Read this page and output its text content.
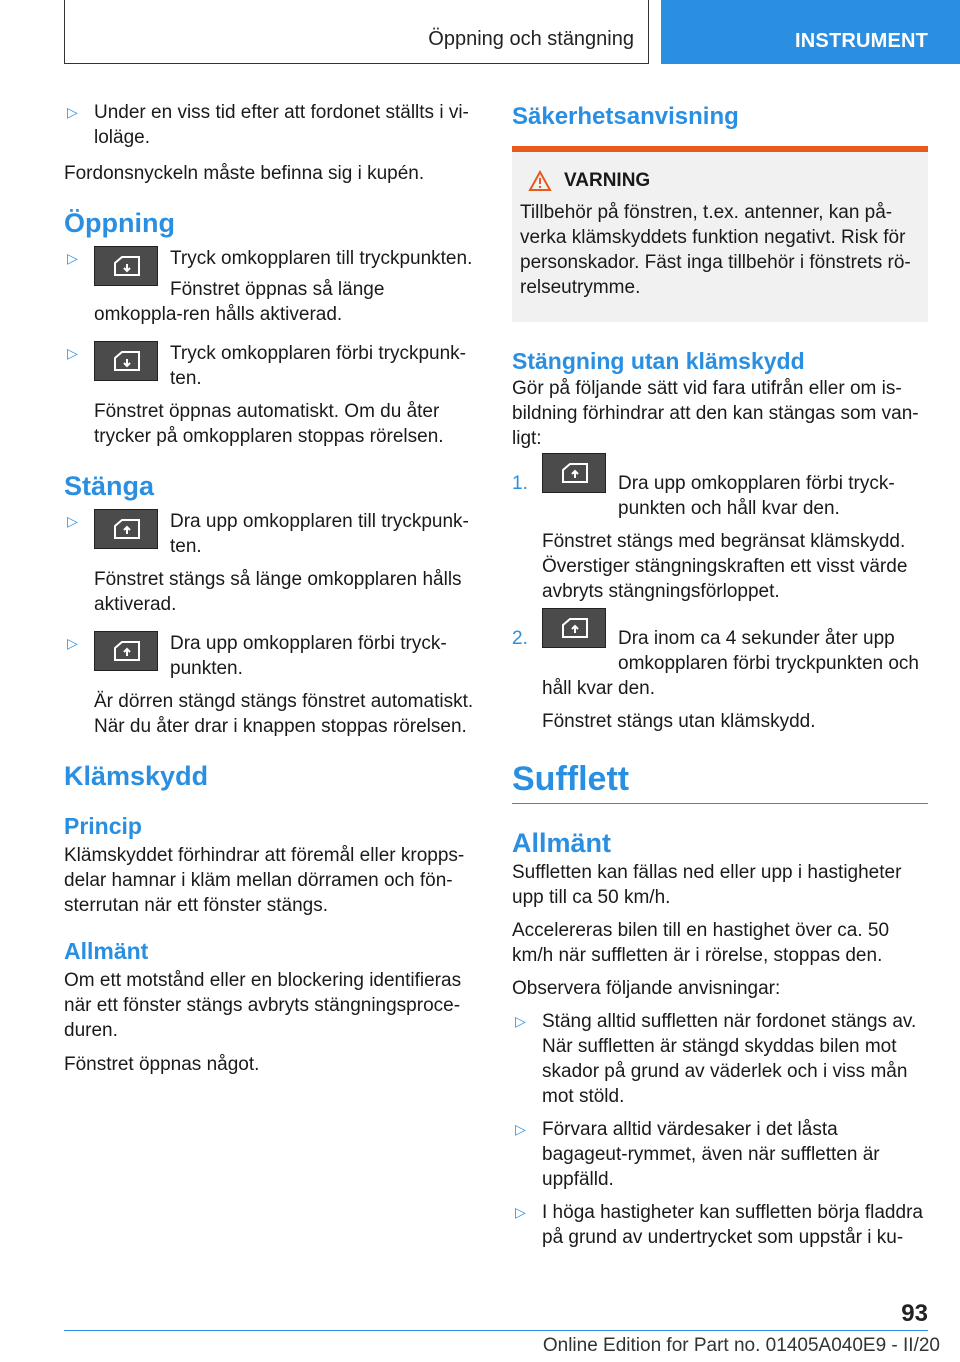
Öppning och stängning	INSTRUMENT
▷ Under en viss tid efter att fordonet ställts i vi-loläge.

Fordonsnyckeln måste befinna sig i kupén.

Öppning
▷	Tryck omkopplaren till tryckpunkten.

Fönstret öppnas så länge omkoppla-ren hålls aktiverad.

▷	Tryck omkopplaren förbi tryckpunk-ten.

Fönstret öppnas automatiskt. Om du åter trycker på omkopplaren stoppas rörelsen.

Stänga
▷	Dra upp omkopplaren till tryckpunk-ten.

Fönstret stängs så länge omkopplaren hålls aktiverad.

▷	Dra upp omkopplaren förbi tryck-punkten.

Är dörren stängd stängs fönstret automatiskt. När du åter drar i knappen stoppas rörelsen.

Klämskydd
Princip

Klämskyddet förhindrar att föremål eller kropps-delar hamnar i kläm mellan dörramen och fön-sterrutan när ett fönster stängs.

Allmänt

Om ett motstånd eller en blockering identifieras när ett fönster stängs avbryts stängningsproce-duren.

Fönstret öppnas något.

Säkerhetsanvisning
VARNING

Tillbehör på fönstren, t.ex. antenner, kan på-verka klämskyddets funktion negativt. Risk för personskador. Fäst inga tillbehör i fönstrets rö-relseutrymme.

Stängning utan klämskydd

Gör på följande sätt vid fara utifrån eller om is-bildning förhindrar att den kan stängas som van-ligt:

1.	Dra upp omkopplaren förbi tryck-punkten och håll kvar den.

Fönstret stängs med begränsat klämskydd. Överstiger stängningskraften ett visst värde avbryts stängningsförloppet.

2.	Dra inom ca 4 sekunder åter upp omkopplaren förbi tryckpunkten och håll kvar den.

Fönstret stängs utan klämskydd.

Sufflett
Allmänt

Suffletten kan fällas ned eller upp i hastigheter upp till ca 50 km/h.

Accelereras bilen till en hastighet över ca. 50 km/h när suffletten är i rörelse, stoppas den.

Observera följande anvisningar:

▷ Stäng alltid suffletten när fordonet stängs av. När suffletten är stängd skyddas bilen mot skador på grund av väderlek och i viss mån mot stöld.

▷ Förvara alltid värdesaker i det låsta bagageut-rymmet, även när suffletten är uppfälld.

▷ I höga hastigheter kan suffletten börja fladdra på grund av undertrycket som uppstår i ku-

93
Online Edition for Part no. 01405A040E9 - II/20
